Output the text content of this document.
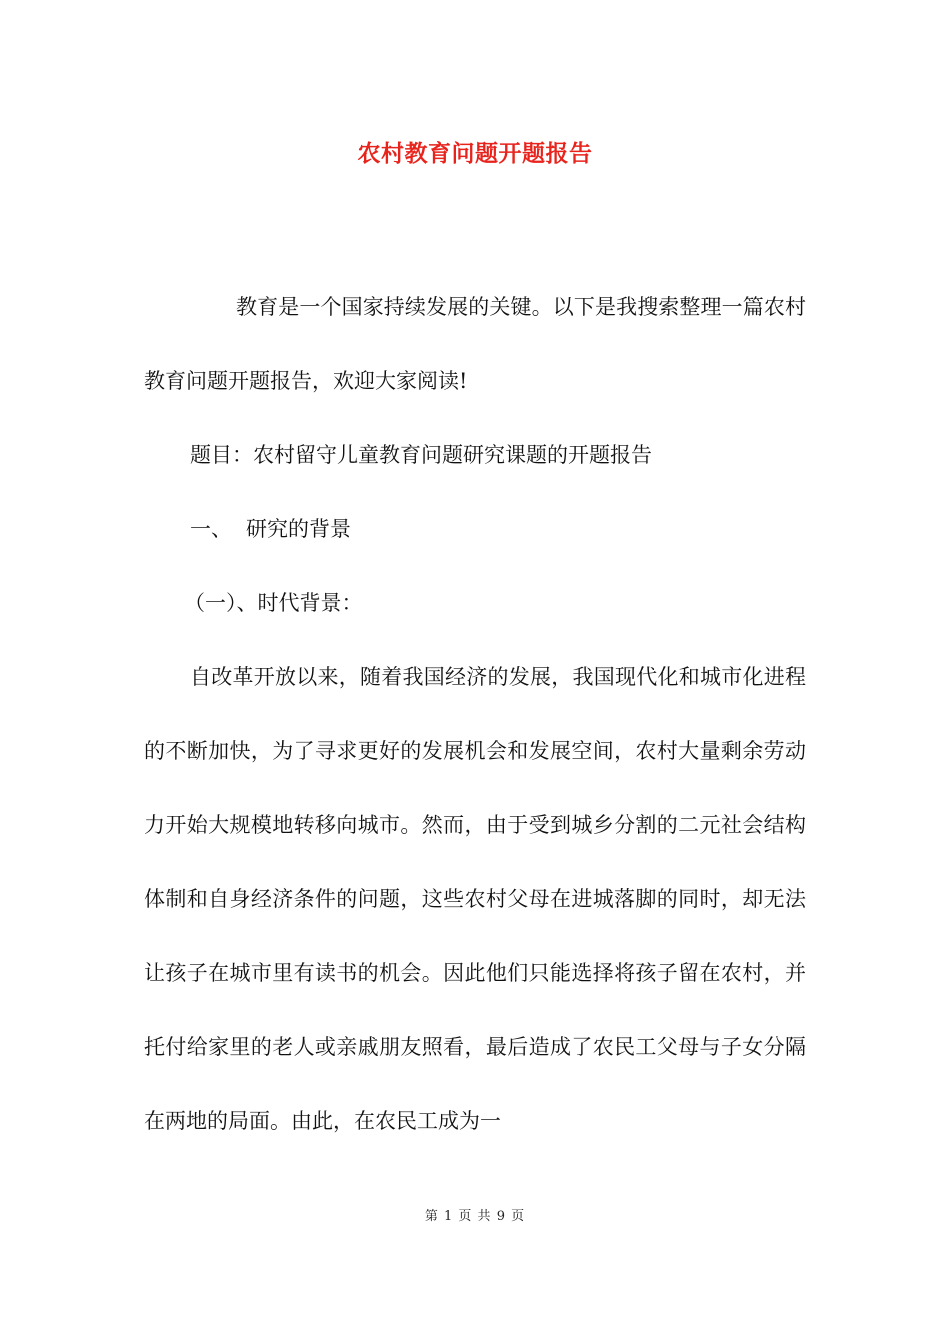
农村教育问题开题报告

教育是一个国家持续发展的关键。以下是我搜索整理一篇农村教育问题开题报告，欢迎大家阅读!

题目：农村留守儿童教育问题研究课题的开题报告

一、 研究的背景

（一）、时代背景：

自改革开放以来，随着我国经济的发展，我国现代化和城市化进程的不断加快，为了寻求更好的发展机会和发展空间，农村大量剩余劳动力开始大规模地转移向城市。然而，由于受到城乡分割的二元社会结构体制和自身经济条件的问题，这些农村父母在进城落脚的同时，却无法让孩子在城市里有读书的机会。因此他们只能选择将孩子留在农村，并托付给家里的老人或亲戚朋友照看，最后造成了农民工父母与子女分隔在两地的局面。由此，在农民工成为一

第 1 页 共 9 页
